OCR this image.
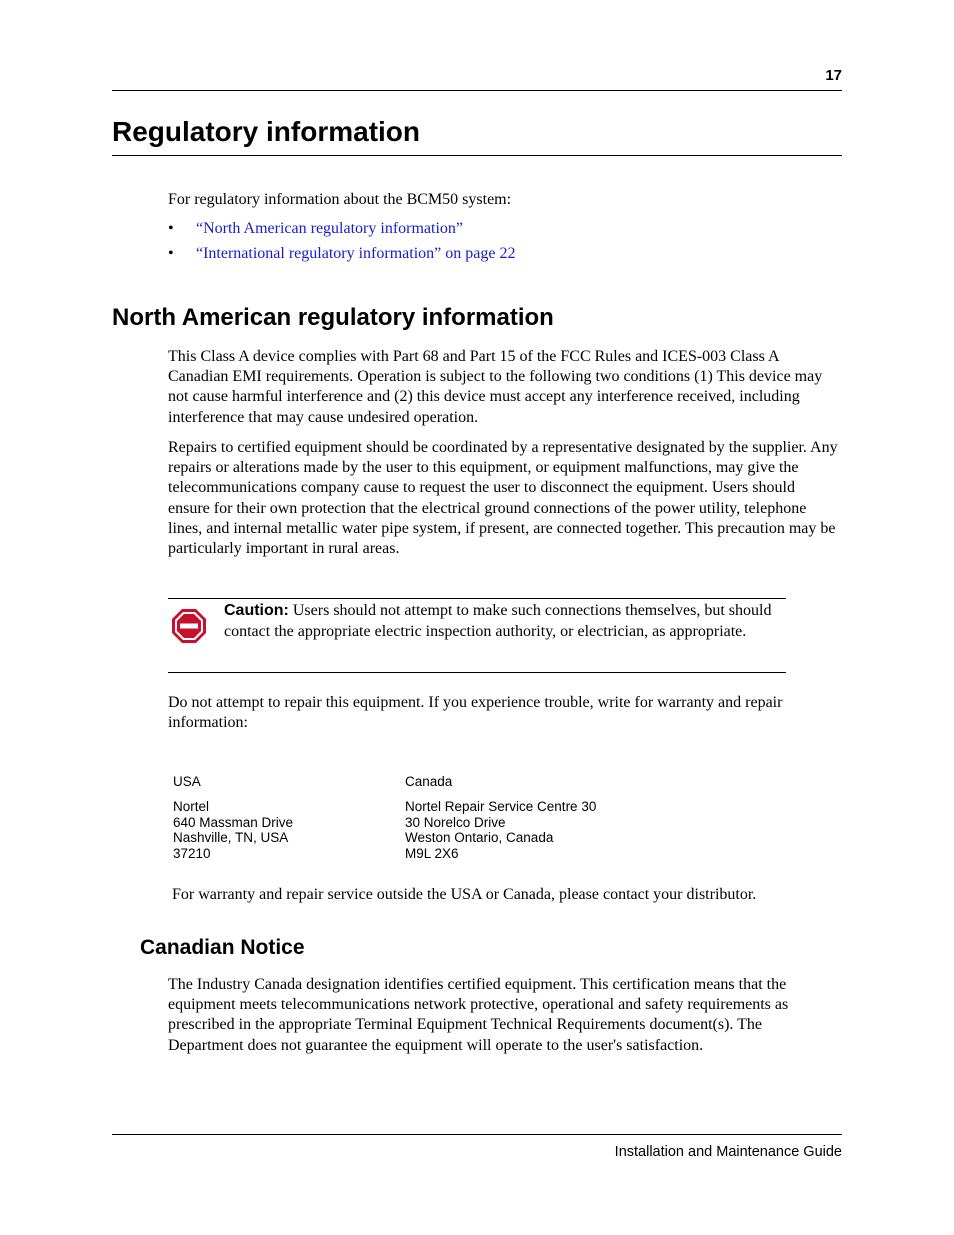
17
Regulatory information
For regulatory information about the BCM50 system:
• “North American regulatory information”
• “International regulatory information” on page 22
North American regulatory information
This Class A device complies with Part 68 and Part 15 of the FCC Rules and ICES-003 Class A Canadian EMI requirements. Operation is subject to the following two conditions (1) This device may not cause harmful interference and (2) this device must accept any interference received, including interference that may cause undesired operation.
Repairs to certified equipment should be coordinated by a representative designated by the supplier. Any repairs or alterations made by the user to this equipment, or equipment malfunctions, may give the telecommunications company cause to request the user to disconnect the equipment. Users should ensure for their own protection that the electrical ground connections of the power utility, telephone lines, and internal metallic water pipe system, if present, are connected together. This precaution may be particularly important in rural areas.
Caution: Users should not attempt to make such connections themselves, but should contact the appropriate electric inspection authority, or electrician, as appropriate.
Do not attempt to repair this equipment. If you experience trouble, write for warranty and repair information:
USA
Nortel
640 Massman Drive
Nashville, TN, USA
37210
Canada
Nortel Repair Service Centre 30
30 Norelco Drive
Weston Ontario, Canada
M9L 2X6
For warranty and repair service outside the USA or Canada, please contact your distributor.
Canadian Notice
The Industry Canada designation identifies certified equipment. This certification means that the equipment meets telecommunications network protective, operational and safety requirements as prescribed in the appropriate Terminal Equipment Technical Requirements document(s). The Department does not guarantee the equipment will operate to the user's satisfaction.
Installation and Maintenance Guide
